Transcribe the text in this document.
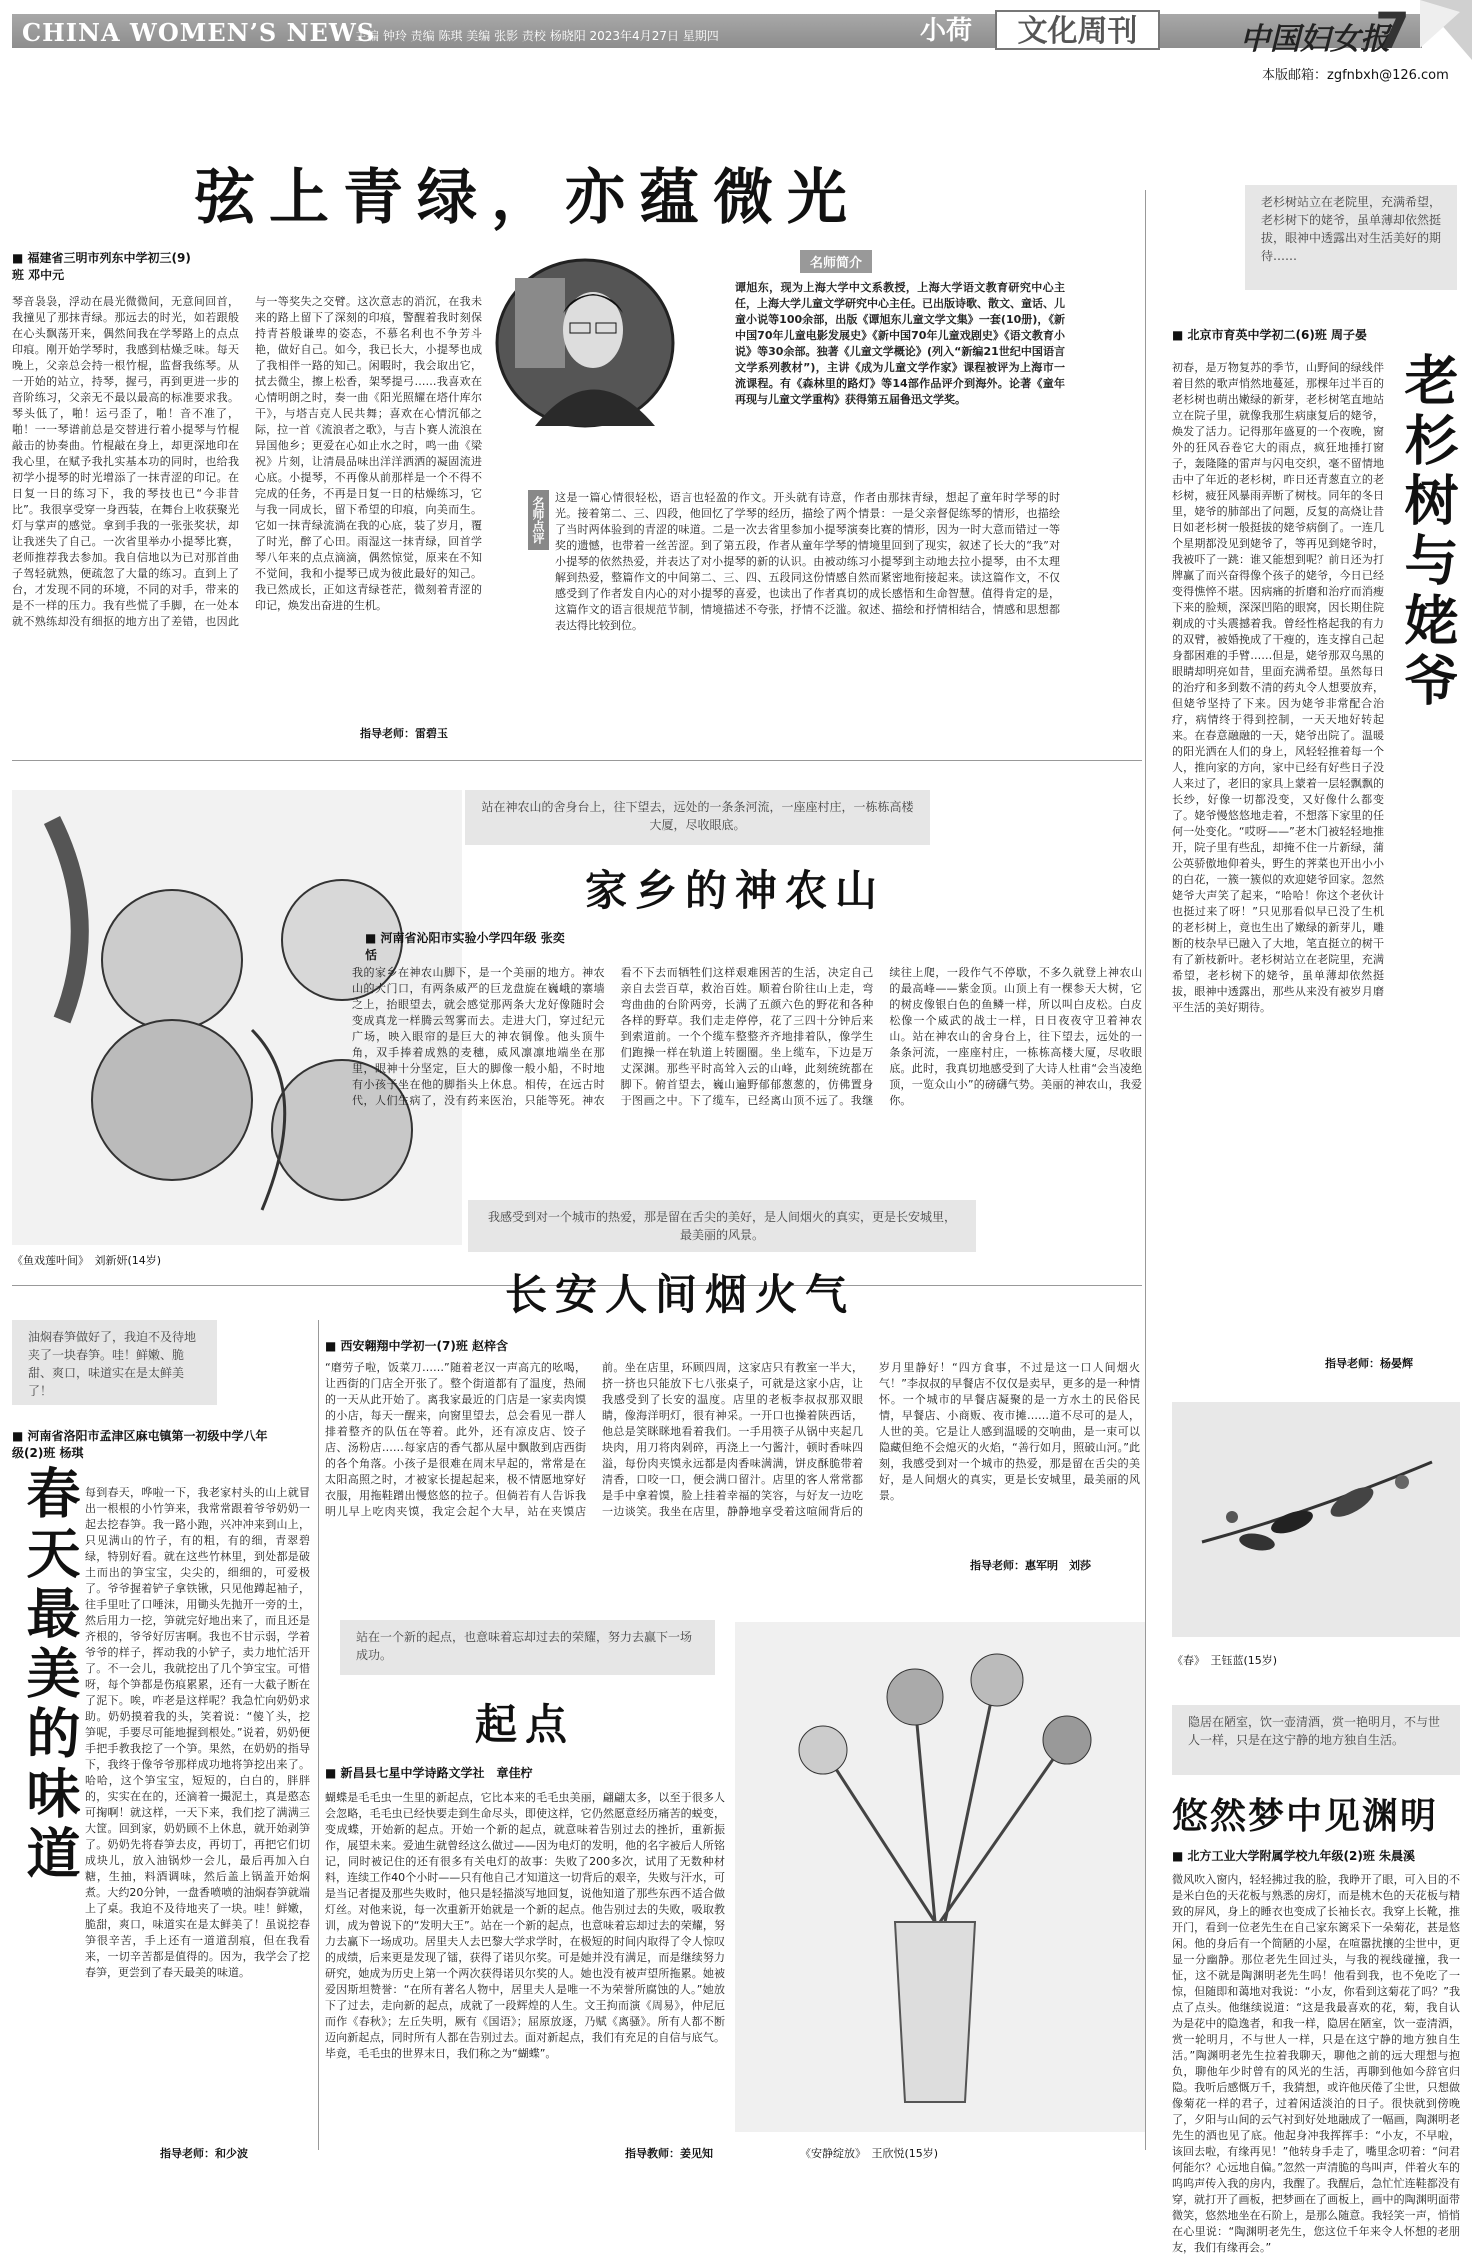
CHINA WOMEN’S NEWS
主编 钟玲 责编 陈琪 美编 张影 责校 杨晓阳 2023年4月27日 星期四	小荷	文化周刊	中国妇女报
7
本版邮箱：zgfnbxh@126.com
弦上青绿，亦蕴微光
■ 福建省三明市列东中学初三(9)班 邓中元
琴音袅袅，浮动在晨光微微间，无意间回首，我撞见了那抹青绿。那远去的时光，如若跟般在心头飘荡开来，偶然间我在学琴路上的点点印痕。刚开始学琴时，我感到枯燥乏味。每天晚上，父亲总会持一根竹棍，监督我练琴。从一开始的站立，持琴，握弓，再到更进一步的音阶练习，父亲无不最以最高的标准要求我。琴头低了，啪！运弓歪了，啪！音不准了，啪！一一琴谱前总是交替进行着小提琴与竹棍敲击的协奏曲。竹棍敲在身上，却更深地印在我心里，在赋予我扎实基本功的同时，也给我初学小提琴的时光增添了一抹青涩的印记。在日复一日的练习下，我的琴技也已“今非昔比”。我很享受穿一身西装，在舞台上收获聚光灯与掌声的感觉。拿到手我的一张张奖状，却让我迷失了自己。一次省里举办小提琴比赛，老师推荐我去参加。我自信地以为已对那首曲子驾轻就熟，便疏忽了大量的练习。直到上了台，才发现不同的环境，不同的对手，带来的是不一样的压力。我有些慌了手脚，在一处本就不熟练却没有细抠的地方出了差错，也因此与一等奖失之交臂。这次意志的消沉，在我未来的路上留下了深刻的印痕，警醒着我时刻保持青苔般谦卑的姿态，不慕名利也不争芳斗艳，做好自己。如今，我已长大，小提琴也成了我相伴一路的知己。闲暇时，我会取出它，拭去微尘，擦上松香，架琴提弓……我喜欢在心情明朗之时，奏一曲《阳光照耀在塔什库尔干》，与塔吉克人民共舞；喜欢在心情沉郁之际，拉一首《流浪者之歌》，与吉卜赛人流浪在异国他乡；更爱在心如止水之时，鸣一曲《梁祝》片刻，让清晨品味出洋洋洒洒的凝固流进心底。小提琴，不再像从前那样是一个不得不完成的任务，不再是日复一日的枯燥练习，它与我一同成长，留下希望的印痕，向美而生。它如一抹青绿流淌在我的心底，装了岁月，覆了时光，醉了心田。雨湿这一抹青绿，回首学琴八年来的点点滴滴，偶然惊觉，原来在不知不觉间，我和小提琴已成为彼此最好的知己。我已然成长，正如这青绿苍茫，微刻着青涩的印记，焕发出奋进的生机。
指导老师：雷碧玉
名师简介
谭旭东，现为上海大学中文系教授，上海大学语文教育研究中心主任，上海大学儿童文学研究中心主任。已出版诗歌、散文、童话、儿童小说等100余部，出版《谭旭东儿童文学文集》一套(10册)，《新中国70年儿童电影发展史》《新中国70年儿童戏剧史》《语文教育小说》等30余部。独著《儿童文学概论》(列入“新编21世纪中国语言文学系列教材”)，主讲《成为儿童文学作家》课程被评为上海市一流课程。有《森林里的路灯》等14部作品评介到海外。论著《童年再现与儿童文学重构》获得第五届鲁迅文学奖。
名师点评 这是一篇心情很轻松，语言也轻盈的作文。开头就有诗意，作者由那抹青绿，想起了童年时学琴的时光。接着第二、三、四段，他回忆了学琴的经历，描绘了两个情景：一是父亲督促练琴的情形，也描绘了当时两体验到的青涩的味道。二是一次去省里参加小提琴演奏比赛的情形，因为一时大意而错过一等奖的遗憾，也带着一丝苦涩。到了第五段，作者从童年学琴的情境里回到了现实，叙述了长大的“我”对小提琴的依然热爱，并表达了对小提琴的新的认识。由被动练习小提琴到主动地去拉小提琴，由不太理解到热爱，整篇作文的中间第二、三、四、五段同这份情感自然而紧密地衔接起来。读这篇作文，不仅感受到了作者发自内心的对小提琴的喜爱，也读出了作者真切的成长感悟和生命智慧。值得肯定的是，这篇作文的语言很规范节制，情境描述不夸张，抒情不泛滥。叙述、描绘和抒情相结合，情感和思想都表达得比较到位。
老杉树站立在老院里，充满希望，老杉树下的姥爷，虽单薄却依然挺拔，眼神中透露出对生活美好的期待……
■ 北京市育英中学初二(6)班 周子晏
老杉树与姥爷
初春，是万物复苏的季节，山野间的绿线伴着目然的歌声悄然地蔓延，那棵年过半百的老杉树也萌出嫩绿的新芽，老杉树笔直地站立在院子里，就像我那生病康复后的姥爷，焕发了活力。记得那年盛夏的一个夜晚，窗外的狂风吞卷它大的雨点，疯狂地捶打窗子，轰隆隆的雷声与闪电交织，毫不留情地击中了年近的老杉树，昨日还青葱直立的老杉树，疲狂风暴雨弄断了树枝。同年的冬日里，姥爷的肺部出了问题，反复的高烧让昔日如老杉树一般挺拔的姥爷病倒了。一连几个星期都没见到姥爷了，等再见到姥爷时，我被吓了一跳：谁又能想到呢？前日还为打牌赢了而兴奋得像个孩子的姥爷，今日已经变得憔悴不堪。因病痛的折磨和治疗而消瘦下来的脸颊，深深凹陷的眼窝，因长期住院剃成的寸头震撼着我。曾经性格起我的有力的双臂，被婚挽成了干瘦的，连支撑自己起身都困难的手臂……但是，姥爷那双乌黑的眼睛却明亮如昔，里面充满希望。虽然每日的治疗和多到数不清的药丸令人想要放弃，但姥爷坚持了下来。因为姥爷非常配合治疗，病情终于得到控制，一天天地好转起来。在春意融融的一天，姥爷出院了。温暖的阳光洒在人们的身上，风轻轻推着每一个人，推向家的方向，家中已经有好些日子没人来过了，老旧的家具上蒙着一层轻飘飘的长纱，好像一切都没变，又好像什么都变了。姥爷慢悠悠地走着，不想落下家里的任何一处变化。“哎呀——”老木门被轻轻地推开，院子里有些乱，却掩不住一片新绿，蒲公英骄傲地仰着头，野生的荠菜也开出小小的白花，一簇一簇似的欢迎姥爷回家。忽然姥爷大声笑了起来，“哈哈！你这个老伙计也挺过来了呀！”只见那看似早已没了生机的老杉树上，竟也生出了嫩绿的新芽儿，雕断的枝杂早已融入了大地，笔直挺立的树干有了新枝新叶。老杉树站立在老院里，充满希望，老杉树下的姥爷，虽单薄却依然挺拔，眼神中透露出，那些从来没有被岁月磨平生活的美好期待。
指导老师：杨晏辉
《春》　王钰蓝(15岁)
《鱼戏莲叶间》　刘新妍(14岁)
站在神农山的舍身台上，往下望去，远处的一条条河流，一座座村庄，一栋栋高楼大厦，尽收眼底。
家乡的神农山
■ 河南省沁阳市实验小学四年级 张奕恬
我的家乡在神农山脚下，是一个美丽的地方。神农山的大门口，有两条威严的巨龙盘旋在巍峨的寨墙之上，抬眼望去，就会感觉那两条大龙好像随时会变成真龙一样腾云驾雾而去。走进大门，穿过纪元广场，映入眼帘的是巨大的神农铜像。他头顶牛角，双手捧着成熟的麦穗，威风凛凛地端坐在那里，眼神十分坚定，巨大的脚像一般小船，不时地有小孩子坐在他的脚指头上休息。相传，在远古时代，人们生病了，没有药来医治，只能等死。神农看不下去而牺牲们这样艰难困苦的生活，决定自己亲自去尝百草，救治百姓。顺着台阶往山上走，弯弯曲曲的台阶两旁，长满了五颜六色的野花和各种各样的野草。我们走走停停，花了三四十分钟后来到索道前。一个个缆车整整齐齐地排着队，像学生们跑操一样在轨道上转圈圈。坐上缆车，下边是万丈深渊。那些平时高耸入云的山峰，此刻统统都在脚下。俯首望去，巍山遍野郁郁葱葱的，仿佛置身于图画之中。下了缆车，已经离山顶不远了。我继续往上爬，一段作气不停歇，不多久就登上神农山的最高峰——紫金顶。山顶上有一棵参天大树，它的树皮像银白色的鱼鳞一样，所以叫白皮松。白皮松像一个威武的战士一样，日日夜夜守卫着神农山。站在神农山的舍身台上，往下望去，远处的一条条河流，一座座村庄，一栋栋高楼大厦，尽收眼底。此时，我真切地感受到了大诗人杜甫“会当凌绝顶，一览众山小”的磅礴气势。美丽的神农山，我爱你。
我感受到对一个城市的热爱，那是留在舌尖的美好，是人间烟火的真实，更是长安城里，最美丽的风景。
长安人间烟火气
■ 西安翱翔中学初一(7)班 赵梓含
“磨劳子啦，饭菜刀……”随着老汉一声高亢的吆喝，让西街的门店全开张了。整个街道都有了温度，热闹的一天从此开始了。离我家最近的门店是一家卖肉馍的小店，每天一醒来，向窗里望去，总会看见一群人排着整齐的队伍在等着。此外，还有凉皮店、饺子店、汤粉店……每家店的香气都从屋中飘散到店西街的各个角落。小孩子是很难在周末早起的，常常是在太阳高照之时，才被家长提起起来，极不情愿地穿好衣服，用拖鞋蹭出慢悠悠的拉子。但倘若有人告诉我明儿早上吃肉夹馍，我定会起个大早，站在夹馍店前。坐在店里，环顾四周，这家店只有教室一半大，挤一挤也只能放下七八张桌子，可就是这家小店，让我感受到了长安的温度。店里的老板李叔叔那双眼睛，像海洋明灯，很有神采。一开口也操着陕西话，他总是笑眯眯地看着我们。一手用筷子从锅中夹起几块肉，用刀将肉剁碎，再浇上一勺酱汁，顿时香味四溢，每份肉夹馍永远都是肉香味满满，饼皮酥脆带着清香，口咬一口，便会满口留汁。店里的客人常常都是手中拿着馍，脸上挂着幸福的笑容，与好友一边吃一边谈笑。我坐在店里，静静地享受着这喧闹背后的岁月里静好！“四方食事，不过是这一口人间烟火气！”李叔叔的早餐店不仅仅是卖早，更多的是一种情怀。一个城市的早餐店凝聚的是一方水土的民俗民情，早餐店、小商贩、夜市摊……道不尽可的是人，人世的美。它是让人感到温暖的交响曲，是一束可以隐藏但绝不会熄灭的火焰，“善行如月，照破山河。”此刻，我感受到对一个城市的热爱，那是留在舌尖的美好，是人间烟火的真实，更是长安城里，最美丽的风景。
指导老师：惠军明　刘莎
油焖春笋做好了，我迫不及待地夹了一块春笋。哇！鲜嫩、脆甜、爽口，味道实在是太鲜美了！
■ 河南省洛阳市孟津区麻屯镇第一初级中学八年级(2)班 杨琪
春天最美的味道 每到春天，哗啦一下，我老家村头的山上就冒出一根根的小竹笋来，我常常跟着爷爷奶奶一起去挖春笋。我一路小跑，兴冲冲来到山上，只见满山的竹子，有的粗，有的细，青翠碧绿，特别好看。就在这些竹林里，到处都是破土而出的笋宝宝，尖尖的，细细的，可爱极了。爷爷握着铲子拿铁锹，只见他蹲起袖子，往手里吐了口唾沫，用锄头先抛开一旁的土，然后用力一挖，笋就完好地出来了，而且还是齐根的，爷爷好厉害啊。我也不甘示弱，学着爷爷的样子，挥动我的小铲子，卖力地忙活开了。不一会儿，我就挖出了几个笋宝宝。可惜呀，每个笋都是伤痕累累，还有一大截子断在了泥下。唉，咋老是这样呢？我急忙向奶奶求助。奶奶摸着我的头，笑着说：“傻丫头，挖笋呢，手要尽可能地握到根处。”说着，奶奶便手把手教我挖了一个笋。果然，在奶奶的指导下，我终于像爷爷那样成功地将笋挖出来了。哈哈，这个笋宝宝，短短的，白白的，胖胖的，实实在在的，还滴着一撮泥土，真是憨态可掬啊！就这样，一天下来，我们挖了满满三大筐。回到家，奶奶顾不上休息，就开始剥笋了。奶奶先将春笋去皮，再切丁，再把它们切成块儿，放入油锅炒一会儿，最后再加入白糖，生抽，料酒调味，然后盖上锅盖开始焖煮。大约20分钟，一盘香喷喷的油焖春笋就端上了桌。我迫不及待地夹了一块。哇！鲜嫩，脆甜，爽口，味道实在是太鲜美了！虽说挖春笋很辛苦，手上还有一道道刮痕，但在我看来，一切辛苦都是值得的。因为，我学会了挖春笋，更尝到了春天最美的味道。
指导老师：和少波
站在一个新的起点，也意味着忘却过去的荣耀，努力去赢下一场成功。
起点
■ 新昌县七星中学诗路文学社　章佳柠
蝴蝶是毛毛虫一生里的新起点，它比本来的毛毛虫美丽，翩翩太多，以至于很多人会忽略，毛毛虫已经快要走到生命尽头，即使这样，它仍然愿意经历痛苦的蜕变，变成蝶，开始新的起点。开始一个新的起点，就意味着告别过去的挫折，重新振作，展望未来。爱迪生就曾经这么做过——因为电灯的发明，他的名字被后人所铭记，同时被记住的还有很多有关电灯的故事：失败了200多次，试用了无数种材料，连续工作40个小时——只有他自己才知道这一切背后的艰辛，失败与汗水，可是当记者提及那些失败时，他只是轻描淡写地回复，说他知道了那些东西不适合做灯丝。对他来说，每一次重新开始就是一个新的起点。他告别过去的失败，吸取教训，成为曾说下的“发明大王”。站在一个新的起点，也意味着忘却过去的荣耀，努力去赢下一场成功。居里夫人去巴黎大学求学时，在极短的时间内取得了令人惊叹的成绩，后来更是发现了镭，获得了诺贝尔奖。可是她并没有满足，而是继续努力研究，她成为历史上第一个两次获得诺贝尔奖的人。她也没有被声望所拖累。她被爱因斯坦赞誉：“在所有著名人物中，居里夫人是唯一不为荣誉所腐蚀的人。”她放下了过去，走向新的起点，成就了一段辉煌的人生。文王拘而演《周易》，仲尼厄而作《春秋》；左丘失明，厥有《国语》；屈原放逐，乃赋《离骚》。所有人都不断迈向新起点，同时所有人都在告别过去。面对新起点，我们有充足的自信与底气。毕竟，毛毛虫的世界末日，我们称之为“蝴蝶”。
指导教师：姜见知	《安静绽放》　王欣悦(15岁)
隐居在陋室，饮一壶清酒，赏一艳明月，不与世人一样，只是在这宁静的地方独自生活。
悠然梦中见渊明
■ 北方工业大学附属学校九年级(2)班 朱晨溪
微风吹入窗内，轻轻拂过我的脸，我睁开了眼，可入目的不是米白色的天花板与熟悉的房灯，而是桃木色的天花板与精致的屏风，身上的睡衣也变成了长袖长衣。我穿上长靴，推开门，看到一位老先生在自己家东篱采下一朵菊花，甚是悠闲。他的身后有一个简陋的小屋，在喧嚣扰攘的尘世中，更显一分幽静。那位老先生回过头，与我的视线碰撞，我一怔，这不就是陶渊明老先生吗！他看到我，也不免吃了一惊，但随即和蔼地对我说：“小友，你看到这菊花了吗？”我点了点头。他继续说道：“这是我最喜欢的花，菊，我自认为是花中的隐逸者，和我一样，隐居在陋室，饮一壶清酒，赏一轮明月，不与世人一样，只是在这宁静的地方独自生活。”陶渊明老先生拉着我聊天，聊他之前的远大理想与抱负，聊他年少时曾有的风光的生活，再聊到他如今辞官归隐。我听后感慨万千，我猜想，或许他厌倦了尘世，只想做像菊花一样的君子，过着闲适淡泊的日子。很快就到傍晚了，夕阳与山间的云气衬到好处地融成了一幅画，陶渊明老先生的酒也见了底。他起身冲我挥挥手：“小友，不早啦，该回去啦，有缘再见！”他转身手走了，嘴里念叨着：“问君何能尔？心远地自偏。”忽然一声清脆的鸟叫声，伴着火车的呜呜声传入我的房内，我醒了。我醒后，急忙忙连鞋都没有穿，就打开了画板，把梦画在了画板上，画中的陶渊明面带微笑，悠然地坐在石阶上，是那么随意。我轻笑一声，悄悄在心里说：“陶渊明老先生，您这位千年来令人怀想的老朋友，我们有缘再会。”
